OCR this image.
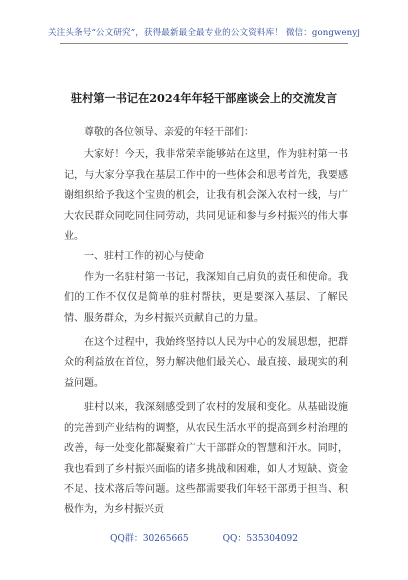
关注头条号“公文研究”，获得最新最全最专业的公文资料库！ 微信：gongwenyj
驻村第一书记在2024年年轻干部座谈会上的交流发言

尊敬的各位领导、亲爱的年轻干部们：

大家好！今天，我非常荣幸能够站在这里，作为驻村第一书记，与大家分享我在基层工作中的一些体会和思考首先，我要感谢组织给予我这个宝贵的机会，让我有机会深入农村一线，与广大农民群众同吃同住同劳动，共同见证和参与乡村振兴的伟大事业。

一、驻村工作的初心与使命

作为一名驻村第一书记，我深知自己肩负的责任和使命。我们的工作不仅仅是简单的驻村帮扶，更是要深入基层、了解民情、服务群众，为乡村振兴贡献自己的力量。

在这个过程中，我始终坚持以人民为中心的发展思想，把群众的利益放在首位，努力解决他们最关心、最直接、最现实的利益问题。

驻村以来，我深刻感受到了农村的发展和变化。从基础设施的完善到产业结构的调整，从农民生活水平的提高到乡村治理的改善，每一处变化都凝聚着广大干部群众的智慧和汗水。同时，我也看到了乡村振兴面临的诸多挑战和困难，如人才短缺、资金不足、技术落后等问题。这些都需要我们年轻干部勇于担当、积极作为，为乡村振兴贡

QQ群：30265665	QQ：535304092
